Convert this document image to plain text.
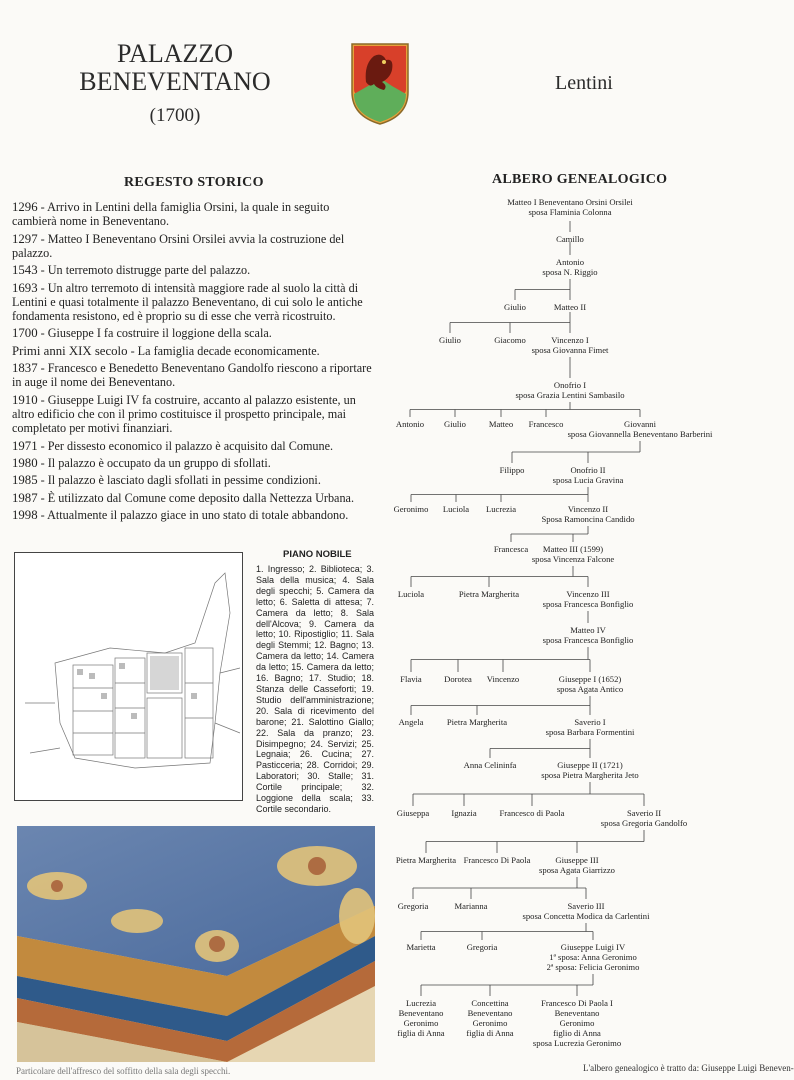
PALAZZO
BENEVENTANO
(1700)
Lentini
REGESTO STORICO	ALBERO GENEALOGICO

1296 - Arrivo in Lentini della famiglia Orsini, la quale in seguito cambierà nome in Beneventano.

1297 - Matteo I Beneventano Orsini Orsilei avvia la costruzione del palazzo.

1543 - Un terremoto distrugge parte del palazzo.

1693 - Un altro terremoto di intensità maggiore rade al suolo la città di Lentini e quasi totalmente il palazzo Beneventano, di cui solo le antiche fondamenta resistono, ed è proprio su di esse che verrà ricostruito.

1700 - Giuseppe I fa costruire il loggione della scala.

Primi anni XIX secolo - La famiglia decade economicamente.

1837 - Francesco e Benedetto Beneventano Gandolfo riescono a riportare in auge il nome dei Beneventano.

1910 - Giuseppe Luigi IV fa costruire, accanto al palazzo esistente, un altro edificio che con il primo costituisce il prospetto principale, mai completato per motivi finanziari.

1971 - Per dissesto economico il palazzo è acquisito dal Comune.

1980 - Il palazzo è occupato da un gruppo di sfollati.

1985 - Il palazzo è lasciato dagli sfollati in pessime condizioni.

1987 - È utilizzato dal Comune come deposito dalla Nettezza Urbana.

1998 - Attualmente il palazzo giace in uno stato di totale abbandono.

PIANO NOBILE
1. Ingresso; 2. Biblioteca; 3. Sala della musica; 4. Sala degli specchi; 5. Camera da letto; 6. Saletta di attesa; 7. Camera da letto; 8. Sala dell'Alcova; 9. Camera da letto; 10. Ripostiglio; 11. Sala degli Stemmi; 12. Bagno; 13. Camera da letto; 14. Camera da letto; 15. Camera da letto; 16. Bagno; 17. Studio; 18. Stanza delle Casseforti; 19. Studio dell'amministrazione; 20. Sala di ricevimento del barone; 21. Salottino Giallo; 22. Sala da pranzo; 23. Disimpegno; 24. Servizi; 25. Legnaia; 26. Cucina; 27. Pasticceria; 28. Corridoi; 29. Laboratori; 30. Stalle; 31. Cortile principale; 32. Loggione della scala; 33. Cortile secondario.
Particolare dell'affresco del soffitto della sala degli specchi.
Matteo I Beneventano Orsini Orsilei
sposa Flaminia Colonna
Camillo
Antonio
sposa N. Riggio
Giulio	Matteo II
Giulio	Giacomo	Vincenzo I
sposa Giovanna Fimet
Onofrio I
sposa Grazia Lentini Sambasilo
Antonio Giulio	Matteo Francesco	Giovanni
sposa Giovannella Beneventano Barberini
Filippo	Onofrio II
sposa Lucia Gravina
Geronimo Luciola Lucrezia	Vincenzo II
Sposa Ramoncina Candido
Francesca Matteo III (1599)
sposa Vincenza Falcone
Luciola	Pietra Margherita	Vincenzo III
sposa Francesca Bonfiglio
Matteo IV
sposa Francesca Bonfiglio
Flavia	Dorotea Vincenzo	Giuseppe I (1652)
sposa Agata Antico
Angela	Pietra Margherita	Saverio I
sposa Barbara Formentini
Anna Celininfa	Giuseppe II (1721)
sposa Pietra Margherita Jeto
Giuseppa	Ignazia	Francesco di Paola	Saverio II
sposa Gregoria Gandolfo
Pietra Margherita Francesco Di Paola	Giuseppe III
sposa Agata Giarrizzo
Gregoria	Marianna	Saverio III
sposa Concetta Modica da Carlentini
Marietta	Gregoria	Giuseppe Luigi IV
1ª sposa: Anna Geronimo
2ª sposa: Felicia Geronimo
Lucrezia
Beneventano
Geronimo
figlia di Anna
Concettina
Beneventano
Geronimo
figlia di Anna
Francesco Di Paola I
Beneventano
Geronimo
figlio di Anna
sposa Lucrezia Geronimo
L'albero genealogico è tratto da: Giuseppe Luigi Beneven-
